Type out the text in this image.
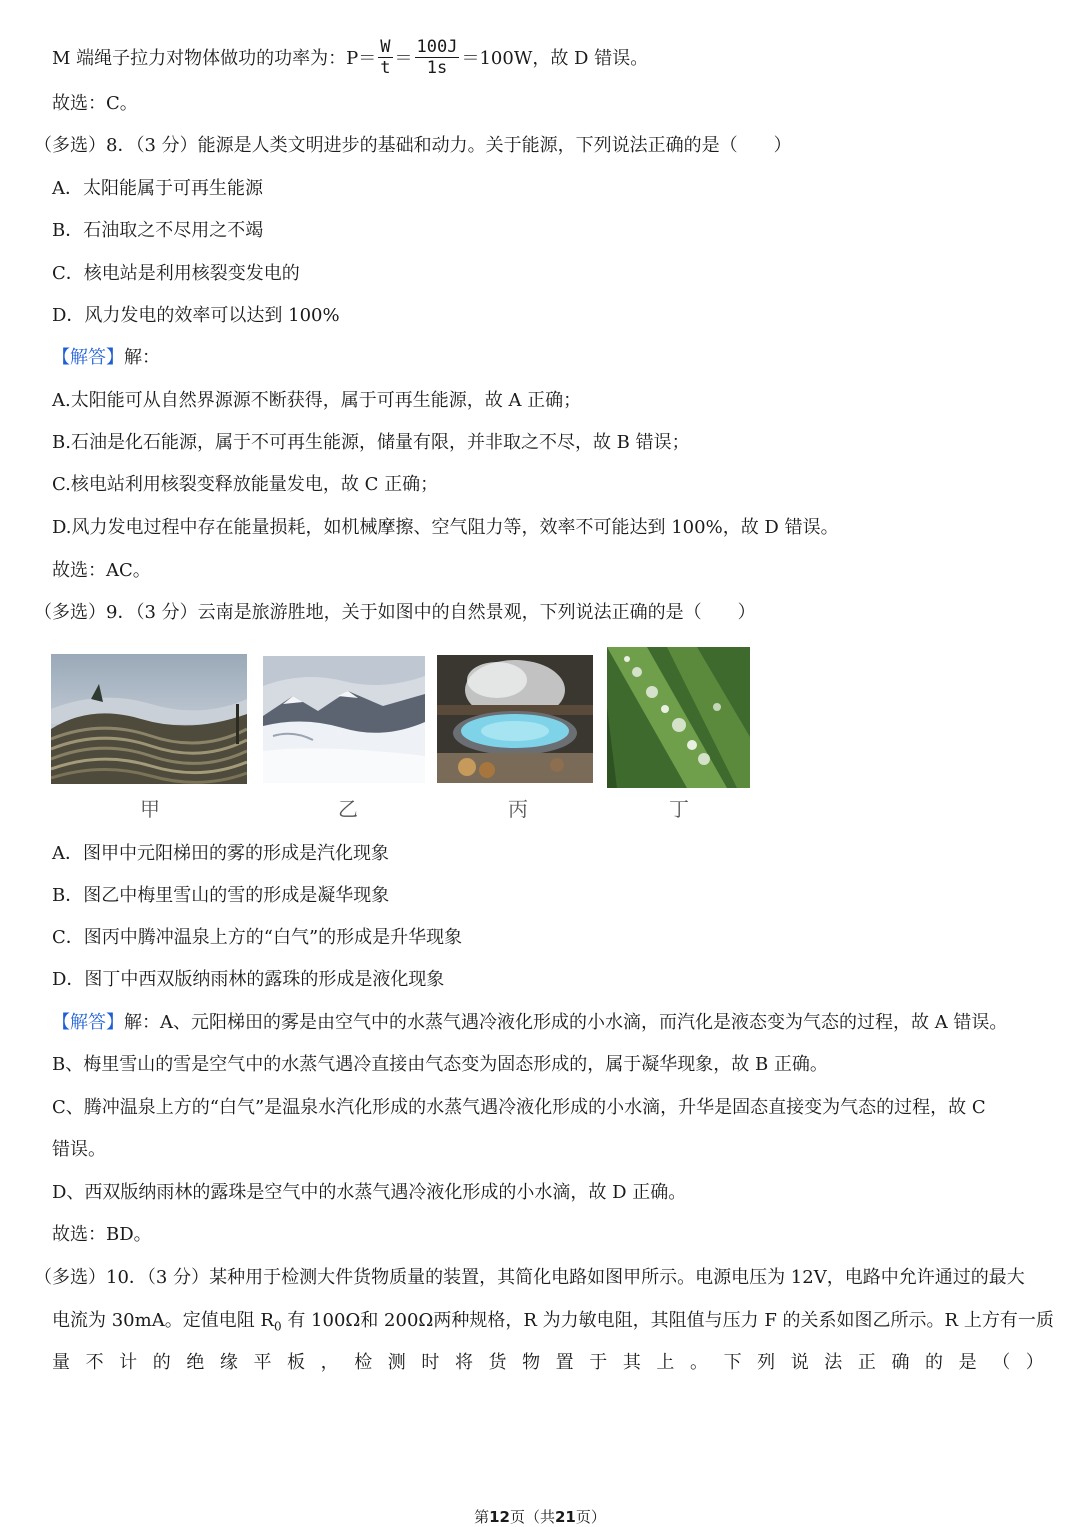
M 端绳子拉力对物体做功的功率为：$P= \frac{W}{t} = \frac{100J}{1s} =100W$，故 D 错误。
故选：C。
（多选）8．（3 分）能源是人类文明进步的基础和动力。关于能源，下列说法正确的是（　　）
A．太阳能属于可再生能源
B．石油取之不尽用之不竭
C．核电站是利用核裂变发电的
D．风力发电的效率可以达到 100%
【解答】解：
A.太阳能可从自然界源源不断获得，属于可再生能源，故 A 正确；
B.石油是化石能源，属于不可再生能源，储量有限，并非取之不尽，故 B 错误；
C.核电站利用核裂变释放能量发电，故 C 正确；
D.风力发电过程中存在能量损耗，如机械摩擦、空气阻力等，效率不可能达到 100%，故 D 错误。
故选：AC。
（多选）9．（3 分）云南是旅游胜地，关于如图中的自然景观，下列说法正确的是（　　）
甲	乙	丙	丁
A．图甲中元阳梯田的雾的形成是汽化现象
B．图乙中梅里雪山的雪的形成是凝华现象
C．图丙中腾冲温泉上方的“白气”的形成是升华现象
D．图丁中西双版纳雨林的露珠的形成是液化现象
【解答】解：A、元阳梯田的雾是由空气中的水蒸气遇冷液化形成的小水滴，而汽化是液态变为气态的过程，故 A 错误。
B、梅里雪山的雪是空气中的水蒸气遇冷直接由气态变为固态形成的，属于凝华现象，故 B 正确。
C、腾冲温泉上方的“白气”是温泉水汽化形成的水蒸气遇冷液化形成的小水滴，升华是固态直接变为气态的过程，故 C
错误。
D、西双版纳雨林的露珠是空气中的水蒸气遇冷液化形成的小水滴，故 D 正确。
故选：BD。
（多选）10．（3 分）某种用于检测大件货物质量的装置，其简化电路如图甲所示。电源电压为 12V，电路中允许通过的最大
电流为 30mA。定值电阻 $R_0$ 有 100Ω和 200Ω两种规格，R 为力敏电阻，其阻值与压力 F 的关系如图乙所示。R 上方有一质
量 不 计 的 绝 缘 平 板 ， 检 测 时 将 货 物 置 于 其 上 。 下 列 说 法 正 确 的 是 （ ）
第12页（共21页）
